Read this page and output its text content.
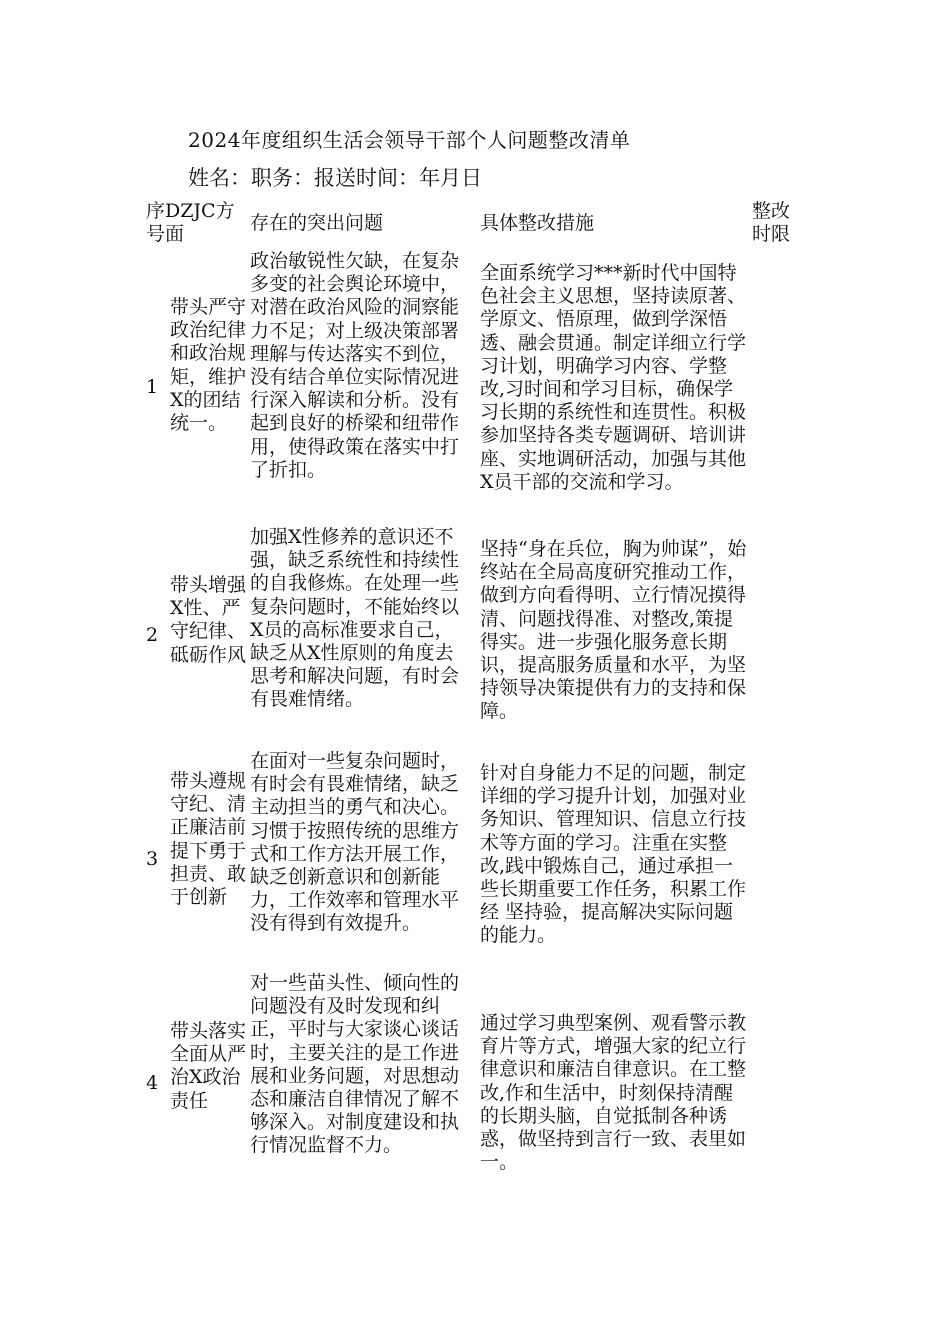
2024年度组织生活会领导干部个人问题整改清单
姓名：职务：报送时间：年月日
序DZJC方号面	存在的突出问题	具体整改措施
整改时限
1
带头严守政治纪律和政治规矩，维护X的团结统一。
政治敏锐性欠缺，在复杂多变的社会舆论环境中，对潜在政治风险的洞察能力不足；对上级决策部署理解与传达落实不到位，没有结合单位实际情况进行深入解读和分析。没有起到良好的桥梁和纽带作用，使得政策在落实中打了折扣。
全面系统学习***新时代中国特色社会主义思想，坚持读原著、学原文、悟原理，做到学深悟透、融会贯通。制定详细立行学习计划，明确学习内容、学整改,习时间和学习目标，确保学习长期的系统性和连贯性。积极参加坚持各类专题调研、培训讲座、实地调研活动，加强与其他X员干部的交流和学习。
2
带头增强X性、严守纪律、砥砺作风
加强X性修养的意识还不强，缺乏系统性和持续性的自我修炼。在处理一些复杂问题时，不能始终以X员的高标准要求自己，缺乏从X性原则的角度去思考和解决问题，有时会有畏难情绪。
坚持“身在兵位，胸为帅谋”，始终站在全局高度研究推动工作，做到方向看得明、立行情况摸得清、问题找得准、对整改,策提得实。进一步强化服务意长期识，提高服务质量和水平，为坚持领导决策提供有力的支持和保障。
3
带头遵规守纪、清正廉洁前提下勇于担责、敢于创新
在面对一些复杂问题时，有时会有畏难情绪，缺乏主动担当的勇气和决心。习惯于按照传统的思维方式和工作方法开展工作，缺乏创新意识和创新能力，工作效率和管理水平没有得到有效提升。
针对自身能力不足的问题，制定详细的学习提升计划，加强对业务知识、管理知识、信息立行技术等方面的学习。注重在实整改,践中锻炼自己，通过承担一些长期重要工作任务，积累工作经 坚持验，提高解决实际问题的能力。
4
带头落实全面从严治X政治责任
对一些苗头性、倾向性的问题没有及时发现和纠正，平时与大家谈心谈话时，主要关注的是工作进展和业务问题，对思想动态和廉洁自律情况了解不够深入。对制度建设和执行情况监督不力。
通过学习典型案例、观看警示教育片等方式，增强大家的纪立行律意识和廉洁自律意识。在工整改,作和生活中，时刻保持清醒的长期头脑，自觉抵制各种诱惑，做坚持到言行一致、表里如一。
